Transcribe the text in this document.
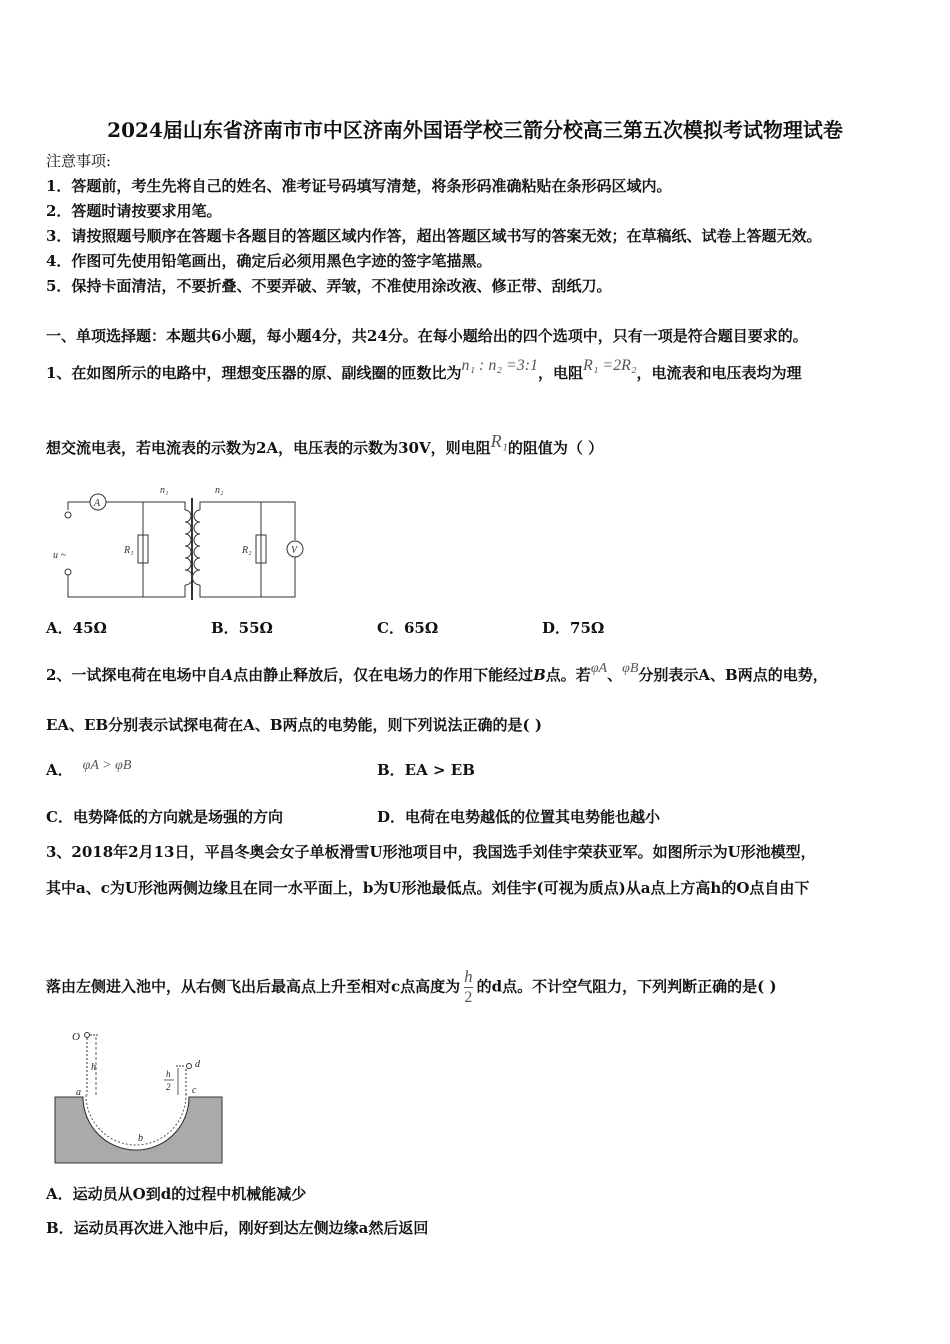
2024届山东省济南市市中区济南外国语学校三箭分校高三第五次模拟考试物理试卷
注意事项:
1．答题前，考生先将自己的姓名、准考证号码填写清楚，将条形码准确粘贴在条形码区域内。
2．答题时请按要求用笔。
3．请按照题号顺序在答题卡各题目的答题区域内作答，超出答题区域书写的答案无效；在草稿纸、试卷上答题无效。
4．作图可先使用铅笔画出，确定后必须用黑色字迹的签字笔描黑。
5．保持卡面清洁，不要折叠、不要弄破、弄皱，不准使用涂改液、修正带、刮纸刀。
一、单项选择题：本题共6小题，每小题4分，共24分。在每小题给出的四个选项中，只有一项是符合题目要求的。
1、在如图所示的电路中，理想变压器的原、副线圈的匝数比为n₁ : n₂ =3:1，电阻R₁ =2R₂，电流表和电压表均为理
想交流电表，若电流表的示数为2A，电压表的示数为30V，则电阻R₁的阻值为（ ）
A
R₁
u ~
n₁	n₂
V
R₂
A．45Ω	B．55Ω	C．65Ω	D．75Ω
2、一试探电荷在电场中自A点由静止释放后，仅在电场力的作用下能经过B点。若φA、φB分别表示A、B两点的电势，
EA、EB分别表示试探电荷在A、B两点的电势能，则下列说法正确的是( )
A． φA > φB	B．EA > EB
C．电势降低的方向就是场强的方向	D．电荷在电势越低的位置其电势能也越小
3、2018年2月13日，平昌冬奥会女子单板滑雪U形池项目中，我国选手刘佳宇荣获亚军。如图所示为U形池模型，
其中a、c为U形池两侧边缘且在同一水平面上，b为U形池最低点。刘佳宇(可视为质点)从a点上方高h的O点自由下
落由左侧进入池中，从右侧飞出后最高点上升至相对c点高度为 $\frac{h}{2}$ 的d点。不计空气阻力，下列判断正确的是( )
O
h
a
b
c
d
h
2
A．运动员从O到d的过程中机械能减少
B．运动员再次进入池中后，刚好到达左侧边缘a然后返回
